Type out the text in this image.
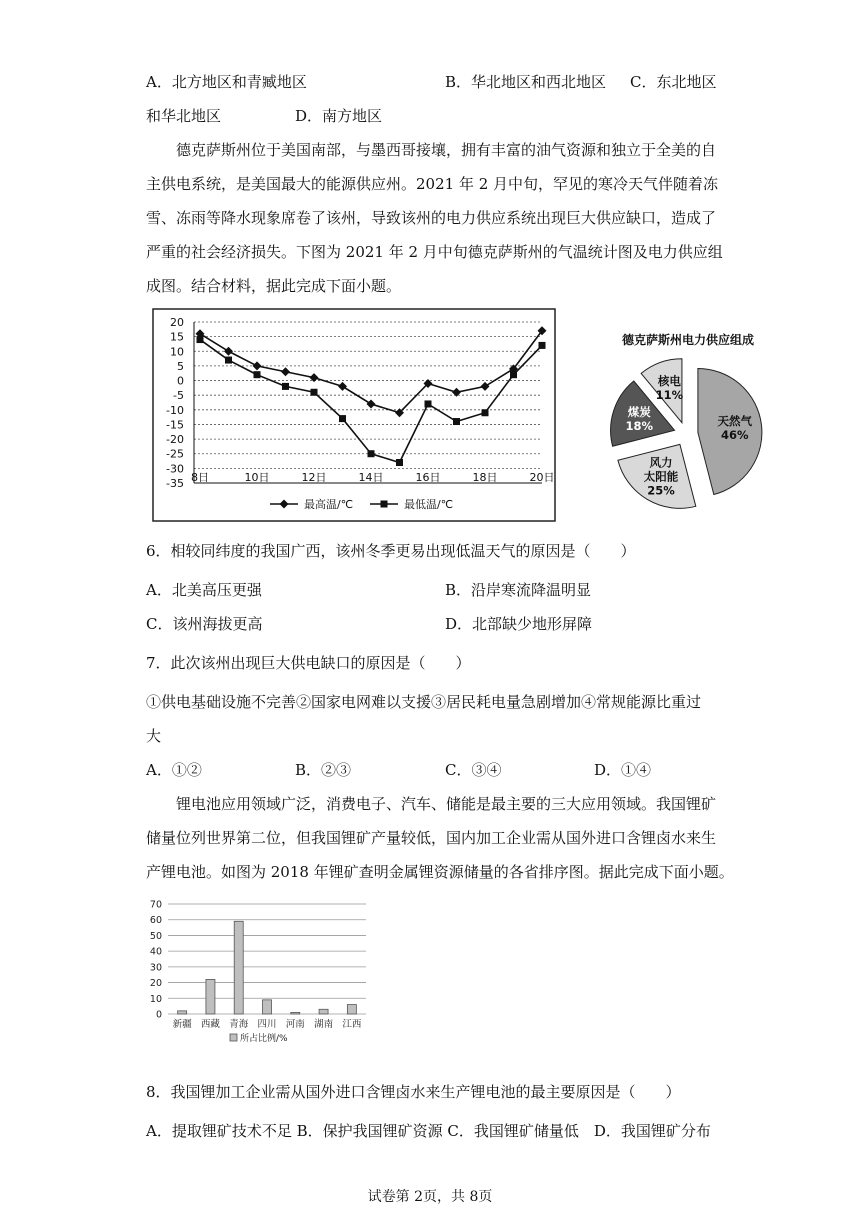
A．北方地区和青臧地区	B．华北地区和西北地区 C．东北地区
和华北地区	D．南方地区
德克萨斯州位于美国南部，与墨西哥接壤，拥有丰富的油气资源和独立于全美的自
主供电系统，是美国最大的能源供应州。2021 年 2 月中旬，罕见的寒冷天气伴随着冻
雪、冻雨等降水现象席卷了该州，导致该州的电力供应系统出现巨大供应缺口，造成了
严重的社会经济损失。下图为 2021 年 2 月中旬德克萨斯州的气温统计图及电力供应组
成图。结合材料，据此完成下面小题。
20
15
10
5
0
-5
-10
-15
-20
-25
-30
-35 8日	10日	12日	14日	16日	18日	20日
最高温/℃	最低温/℃
德克萨斯州电力供应组成
天然气
46%
风力
太阳能
25%
煤炭
18%
核电
11%
6．相较同纬度的我国广西，该州冬季更易出现低温天气的原因是（　　）
A．北美高压更强	B．沿岸寒流降温明显
C．该州海拔更高	D．北部缺少地形屏障
7．此次该州出现巨大供电缺口的原因是（　　）
①供电基础设施不完善②国家电网难以支援③居民耗电量急剧增加④常规能源比重过
大
A．①②	B．②③	C．③④	D．①④
锂电池应用领域广泛，消费电子、汽车、储能是最主要的三大应用领域。我国锂矿
储量位列世界第二位，但我国锂矿产量较低，国内加工企业需从国外进口含锂卤水来生
产锂电池。如图为 2018 年锂矿查明金属锂资源储量的各省排序图。据此完成下面小题。
0
10
20
30
40
50
60
70
新疆 西藏 青海 四川 河南 湖南 江西
所占比例/%
8．我国锂加工企业需从国外进口含锂卤水来生产锂电池的最主要原因是（　　）
A．提取锂矿技术不足 B．保护我国锂矿资源 C．我国锂矿储量低　D．我国锂矿分布
试卷第 2页，共 8页
